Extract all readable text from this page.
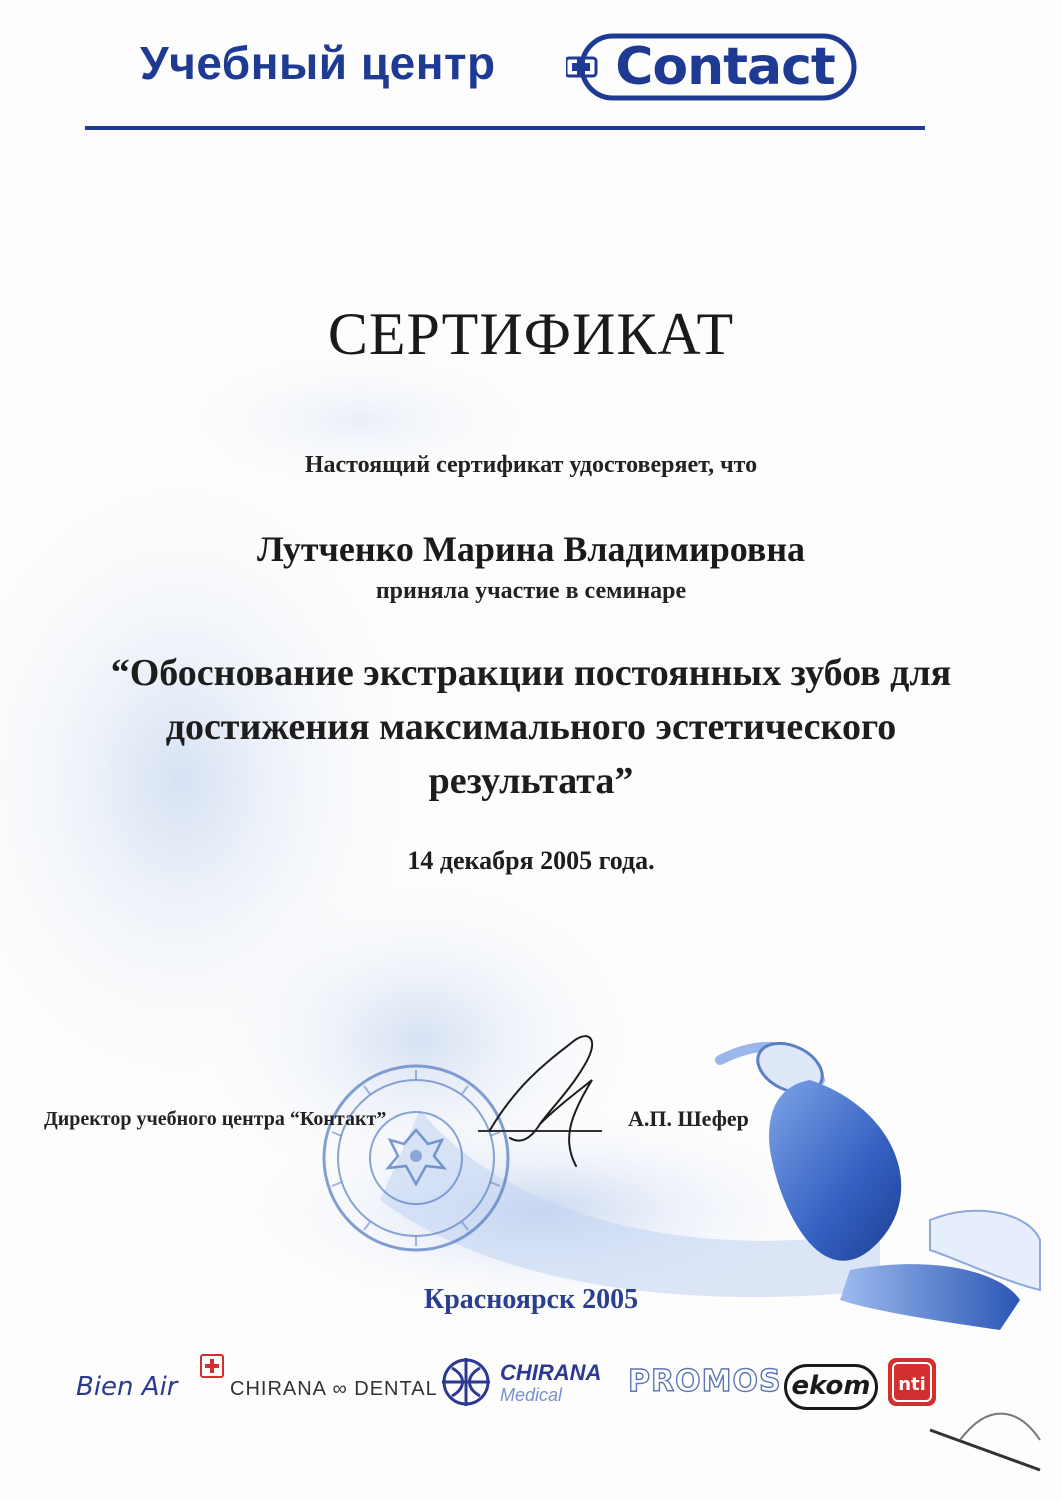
Учебный центр Contact
СЕРТИФИКАТ
Настоящий сертификат удостоверяет, что
Лутченко Марина Владимировна
приняла участие в семинаре
“Обоснование экстракции постоянных зубов для
достижения максимального эстетического
результата”
14 декабря 2005 года.
Директор учебного центра “Контакт”	А.П. Шефер
Красноярск 2005
Bien Air	CHIRANA ∞ DENTAL
CHIRANA
Medical	PROMOS ekom	nti
